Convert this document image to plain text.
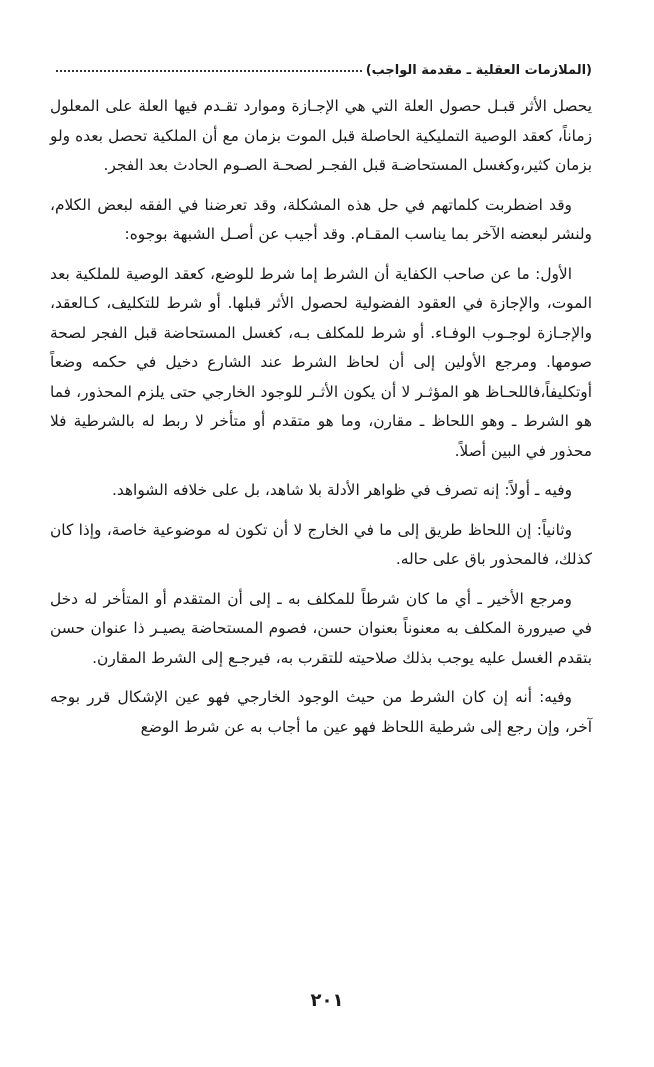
(الملازمات العقلية ـ مقدمة الواجب)

يحصل الأثر قبـل حصول العلة التي هي الإجـازة وموارد تقـدم فيها العلة على المعلول زماناً، كعقد الوصية التمليكية الحاصلة قبل الموت بزمان مع أن الملكية تحصل بعده ولو بزمان كثير،وكغسل المستحاضـة قبل الفجـر لصحـة الصـوم الحادث بعد الفجر.

وقد اضطربت كلماتهم في حل هذه المشكلة، وقد تعرضنا في الفقه لبعض الكلام، ولنشر لبعضه الآخر بما يناسب المقـام. وقد أجيب عن أصـل الشبهة بوجوه:

الأول: ما عن صاحب الكفاية أن الشرط إما شرط للوضع، كعقد الوصية للملكية بعد الموت، والإجازة في العقود الفضولية لحصول الأثر قبلها. أو شرط للتكليف، كـالعقد، والإجـازة لوجـوب الوفـاء. أو شرط للمكلف بـه، كغسل المستحاضة قبل الفجر لصحة صومها. ومرجع الأولين إلى أن لحاظ الشرط عند الشارع دخيل في حكمه وضعاً أوتكليفاً،فاللحـاظ هو المؤثـر لا أن يكون الأثـر للوجود الخارجي حتى يلزم المحذور، فما هو الشرط ـ وهو اللحاظ ـ مقارن، وما هو متقدم أو متأخر لا ربط له بالشرطية فلا محذور في البين أصلاً.

وفيه ـ أولاً: إنه تصرف في ظواهر الأدلة بلا شاهد، بل على خلافه الشواهد.

وثانياً: إن اللحاظ طريق إلى ما في الخارج لا أن تكون له موضوعية خاصة، وإذا كان كذلك، فالمحذور باق على حاله.

ومرجع الأخير ـ أي ما كان شرطاً للمكلف به ـ إلى أن المتقدم أو المتأخر له دخل في صيرورة المكلف به معنوناً بعنوان حسن، فصوم المستحاضة يصيـر ذا عنوان حسن بتقدم الغسل عليه يوجب بذلك صلاحيته للتقرب به، فيرجـع إلى الشرط المقارن.

وفيه: أنه إن كان الشرط من حيث الوجود الخارجي فهو عين الإشكال قرر بوجه آخر، وإن رجع إلى شرطية اللحاظ فهو عين ما أجاب به عن شرط الوضع

٢٠١
